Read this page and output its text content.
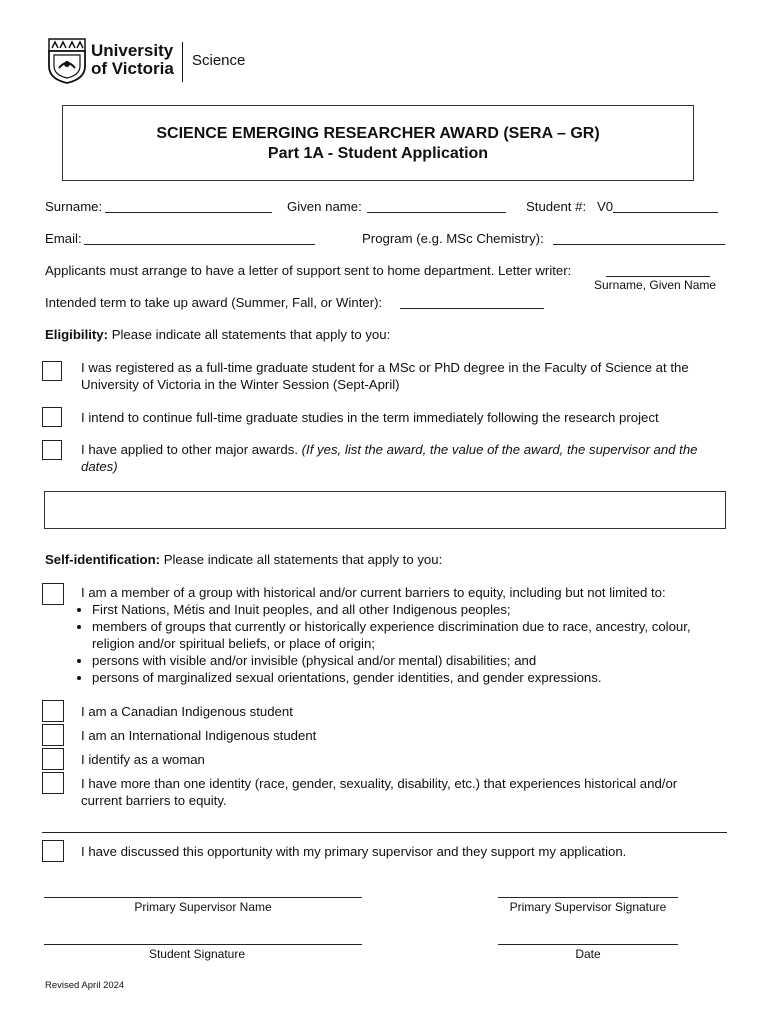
University
of Victoria Science
SCIENCE EMERGING RESEARCHER AWARD (SERA – GR)
Part 1A - Student Application
Surname:	Given name:	Student #: V0
Email:	Program (e.g. MSc Chemistry):
Applicants must arrange to have a letter of support sent to home department. Letter writer:
Surname, Given Name
Intended term to take up award (Summer, Fall, or Winter):
Eligibility: Please indicate all statements that apply to you:
I was registered as a full-time graduate student for a MSc or PhD degree in the Faculty of Science at the University of Victoria in the Winter Session (Sept-April)
I intend to continue full-time graduate studies in the term immediately following the research project
I have applied to other major awards. (If yes, list the award, the value of the award, the supervisor and the dates)
Self-identification: Please indicate all statements that apply to you:
I am a member of a group with historical and/or current barriers to equity, including but not limited to:
• First Nations, Métis and Inuit peoples, and all other Indigenous peoples;
• members of groups that currently or historically experience discrimination due to race, ancestry, colour, religion and/or spiritual beliefs, or place of origin;
• persons with visible and/or invisible (physical and/or mental) disabilities; and
• persons of marginalized sexual orientations, gender identities, and gender expressions.
I am a Canadian Indigenous student
I am an International Indigenous student
I identify as a woman
I have more than one identity (race, gender, sexuality, disability, etc.) that experiences historical and/or current barriers to equity.
I have discussed this opportunity with my primary supervisor and they support my application.
Primary Supervisor Name	Primary Supervisor Signature
Student Signature	Date
Revised April 2024
